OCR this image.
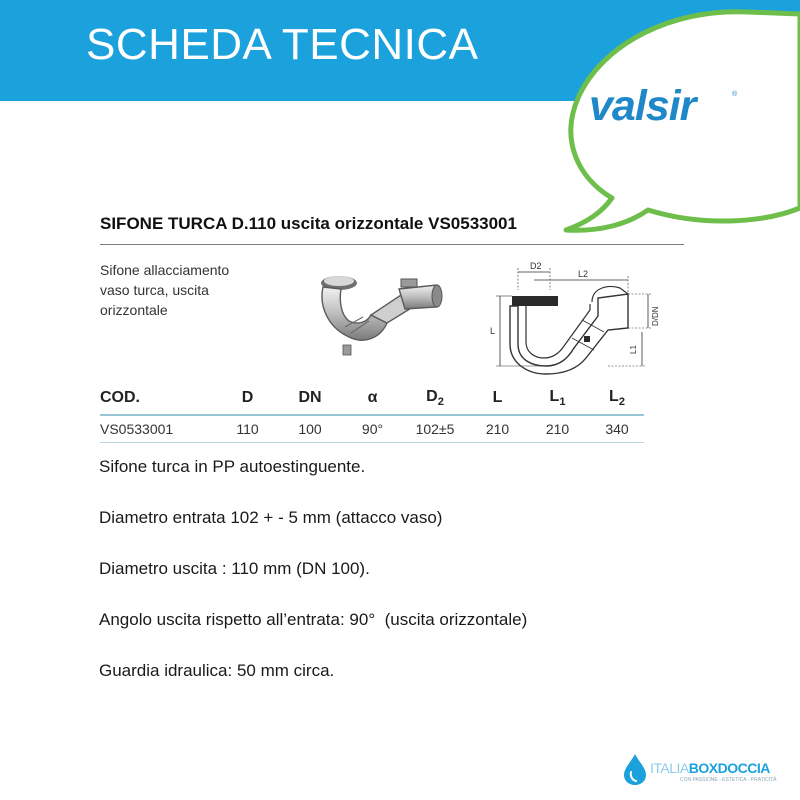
SCHEDA TECNICA
valsir	®
SIFONE TURCA D.110 uscita orizzontale VS0533001
Sifone allacciamento
vaso turca, uscita
orizzontale
D2
L2
L
D/DN
L1
COD.	D	DN	α	$D_2$	L	$L_1$	$L_2$
VS0533001	110	100	90°	102±5	210	210	340
Sifone turca in PP autoestinguente.
Diametro entrata 102 + - 5 mm (attacco vaso)
Diametro uscita : 110 mm (DN 100).
Angolo uscita rispetto all’entrata: 90°  (uscita orizzontale)
Guardia idraulica: 50 mm circa.
ITALIABOXDOCCIA
CON PASSIONE - ESTETICA - PRATICITÀ
